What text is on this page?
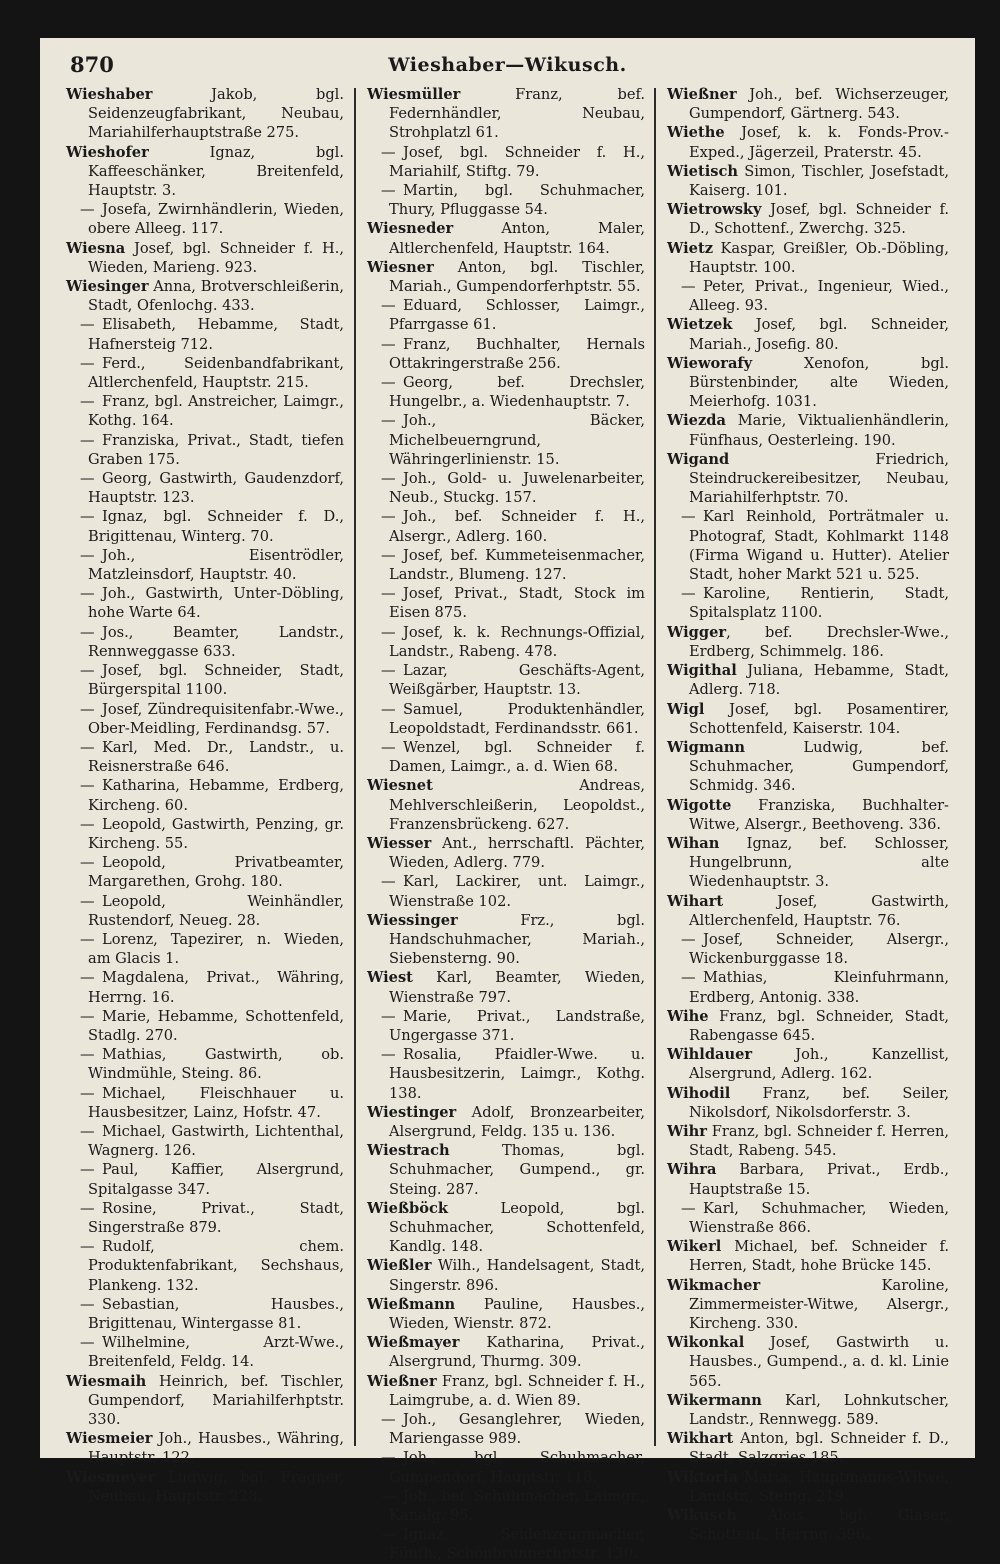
870	Wieshaber—Wikusch.

Wieshaber Jakob, bgl. Seidenzeugfabrikant, Neubau, Mariahilferhauptstraße 275.

Wieshofer Ignaz, bgl. Kaffeeschänker, Breitenfeld, Hauptstr. 3.

— Josefa, Zwirnhändlerin, Wieden, obere Alleeg. 117.

Wiesna Josef, bgl. Schneider f. H., Wieden, Marieng. 923.

Wiesinger Anna, Brotverschleißerin, Stadt, Ofenlochg. 433.

— Elisabeth, Hebamme, Stadt, Hafnersteig 712.

— Ferd., Seidenbandfabrikant, Altlerchenfeld, Hauptstr. 215.

— Franz, bgl. Anstreicher, Laimgr., Kothg. 164.

— Franziska, Privat., Stadt, tiefen Graben 175.

— Georg, Gastwirth, Gaudenzdorf, Hauptstr. 123.

— Ignaz, bgl. Schneider f. D., Brigittenau, Winterg. 70.

— Joh., Eisentrödler, Matzleinsdorf, Hauptstr. 40.

— Joh., Gastwirth, Unter-Döbling, hohe Warte 64.

— Jos., Beamter, Landstr., Rennweggasse 633.

— Josef, bgl. Schneider, Stadt, Bürgerspital 1100.

— Josef, Zündrequisitenfabr.-Wwe., Ober-Meidling, Ferdinandsg. 57.

— Karl, Med. Dr., Landstr., u. Reisnerstraße 646.

— Katharina, Hebamme, Erdberg, Kircheng. 60.

— Leopold, Gastwirth, Penzing, gr. Kircheng. 55.

— Leopold, Privatbeamter, Margarethen, Grohg. 180.

— Leopold, Weinhändler, Rustendorf, Neueg. 28.

— Lorenz, Tapezirer, n. Wieden, am Glacis 1.

— Magdalena, Privat., Währing, Herrng. 16.

— Marie, Hebamme, Schottenfeld, Stadlg. 270.

— Mathias, Gastwirth, ob. Windmühle, Steing. 86.

— Michael, Fleischhauer u. Hausbesitzer, Lainz, Hofstr. 47.

— Michael, Gastwirth, Lichtenthal, Wagnerg. 126.

— Paul, Kaffier, Alsergrund, Spitalgasse 347.

— Rosine, Privat., Stadt, Singerstraße 879.

— Rudolf, chem. Produktenfabrikant, Sechshaus, Plankeng. 132.

— Sebastian, Hausbes., Brigittenau, Wintergasse 81.

— Wilhelmine, Arzt-Wwe., Breitenfeld, Feldg. 14.

Wiesmaih Heinrich, bef. Tischler, Gumpendorf, Mariahilferhptstr. 330.

Wiesmeier Joh., Hausbes., Währing, Hauptstr. 122.

Wiesmeyer Ludwig, bgl. Fragner, Neubau, Hauptstr. 228.

Wiesmüller Franz, bef. Federnhändler, Neubau, Strohplatzl 61.

— Josef, bgl. Schneider f. H., Mariahilf, Stiftg. 79.

— Martin, bgl. Schuhmacher, Thury, Pfluggasse 54.

Wiesneder Anton, Maler, Altlerchenfeld, Hauptstr. 164.

Wiesner Anton, bgl. Tischler, Mariah., Gumpendorferhptstr. 55.

— Eduard, Schlosser, Laimgr., Pfarrgasse 61.

— Franz, Buchhalter, Hernals Ottakringerstraße 256.

— Georg, bef. Drechsler, Hungelbr., a. Wiedenhauptstr. 7.

— Joh., Bäcker, Michelbeuerngrund, Währingerlinienstr. 15.

— Joh., Gold- u. Juwelenarbeiter, Neub., Stuckg. 157.

— Joh., bef. Schneider f. H., Alsergr., Adlerg. 160.

— Josef, bef. Kummeteisenmacher, Landstr., Blumeng. 127.

— Josef, Privat., Stadt, Stock im Eisen 875.

— Josef, k. k. Rechnungs-Offizial, Landstr., Rabeng. 478.

— Lazar, Geschäfts-Agent, Weißgärber, Hauptstr. 13.

— Samuel, Produktenhändler, Leopoldstadt, Ferdinandsstr. 661.

— Wenzel, bgl. Schneider f. Damen, Laimgr., a. d. Wien 68.

Wiesnet Andreas, Mehlverschleißerin, Leopoldst., Franzensbrückeng. 627.

Wiesser Ant., herrschaftl. Pächter, Wieden, Adlerg. 779.

— Karl, Lackirer, unt. Laimgr., Wienstraße 102.

Wiessinger Frz., bgl. Handschuhmacher, Mariah., Siebensterng. 90.

Wiest Karl, Beamter, Wieden, Wienstraße 797.

— Marie, Privat., Landstraße, Ungergasse 371.

— Rosalia, Pfaidler-Wwe. u. Hausbesitzerin, Laimgr., Kothg. 138.

Wiestinger Adolf, Bronzearbeiter, Alsergrund, Feldg. 135 u. 136.

Wiestrach Thomas, bgl. Schuhmacher, Gumpend., gr. Steing. 287.

Wießböck Leopold, bgl. Schuhmacher, Schottenfeld, Kandlg. 148.

Wießler Wilh., Handelsagent, Stadt, Singerstr. 896.

Wießmann Pauline, Hausbes., Wieden, Wienstr. 872.

Wießmayer Katharina, Privat., Alsergrund, Thurmg. 309.

Wießner Franz, bgl. Schneider f. H., Laimgrube, a. d. Wien 89.

— Joh., Gesanglehrer, Wieden, Mariengasse 989.

— Joh., bgl. Schuhmacher, Gumpendorf, Hauptstr. 118.

— Joh., bef. Schuhmacher, Laimgr., Kanalg. 95.

— Ignaz, Seidenzeugmacher, Fünfh., Schönbrunnerhptstr. 130.

Wießner Joh., bef. Wichserzeuger, Gumpendorf, Gärtnerg. 543.

Wiethe Josef, k. k. Fonds-Prov.-Exped., Jägerzeil, Praterstr. 45.

Wietisch Simon, Tischler, Josefstadt, Kaiserg. 101.

Wietrowsky Josef, bgl. Schneider f. D., Schottenf., Zwerchg. 325.

Wietz Kaspar, Greißler, Ob.-Döbling, Hauptstr. 100.

— Peter, Privat., Ingenieur, Wied., Alleeg. 93.

Wietzek Josef, bgl. Schneider, Mariah., Josefig. 80.

Wieworafy Xenofon, bgl. Bürstenbinder, alte Wieden, Meierhofg. 1031.

Wiezda Marie, Viktualienhändlerin, Fünfhaus, Oesterleing. 190.

Wigand Friedrich, Steindruckereibesitzer, Neubau, Mariahilferhptstr. 70.

— Karl Reinhold, Porträtmaler u. Photograf, Stadt, Kohlmarkt 1148 (Firma Wigand u. Hutter). Atelier Stadt, hoher Markt 521 u. 525.

— Karoline, Rentierin, Stadt, Spitalsplatz 1100.

Wigger, bef. Drechsler-Wwe., Erdberg, Schimmelg. 186.

Wigithal Juliana, Hebamme, Stadt, Adlerg. 718.

Wigl Josef, bgl. Posamentirer, Schottenfeld, Kaiserstr. 104.

Wigmann Ludwig, bef. Schuhmacher, Gumpendorf, Schmidg. 346.

Wigotte Franziska, Buchhalter-Witwe, Alsergr., Beethoveng. 336.

Wihan Ignaz, bef. Schlosser, Hungelbrunn, alte Wiedenhauptstr. 3.

Wihart Josef, Gastwirth, Altlerchenfeld, Hauptstr. 76.

— Josef, Schneider, Alsergr., Wickenburggasse 18.

— Mathias, Kleinfuhrmann, Erdberg, Antonig. 338.

Wihe Franz, bgl. Schneider, Stadt, Rabengasse 645.

Wihldauer Joh., Kanzellist, Alsergrund, Adlerg. 162.

Wihodil Franz, bef. Seiler, Nikolsdorf, Nikolsdorferstr. 3.

Wihr Franz, bgl. Schneider f. Herren, Stadt, Rabeng. 545.

Wihra Barbara, Privat., Erdb., Hauptstraße 15.

— Karl, Schuhmacher, Wieden, Wienstraße 866.

Wikerl Michael, bef. Schneider f. Herren, Stadt, hohe Brücke 145.

Wikmacher Karoline, Zimmermeister-Witwe, Alsergr., Kircheng. 330.

Wikonkal Josef, Gastwirth u. Hausbes., Gumpend., a. d. kl. Linie 565.

Wikermann Karl, Lohnkutscher, Landstr., Rennwegg. 589.

Wikhart Anton, bgl. Schneider f. D., Stadt, Salzgries 185.

Wiktoria Maria, Hauptmanns-Witwe, Landstr., Steing. 219.

Wikusch Alois, bgl. Glaser, Schottenf., Herrng. 396.
